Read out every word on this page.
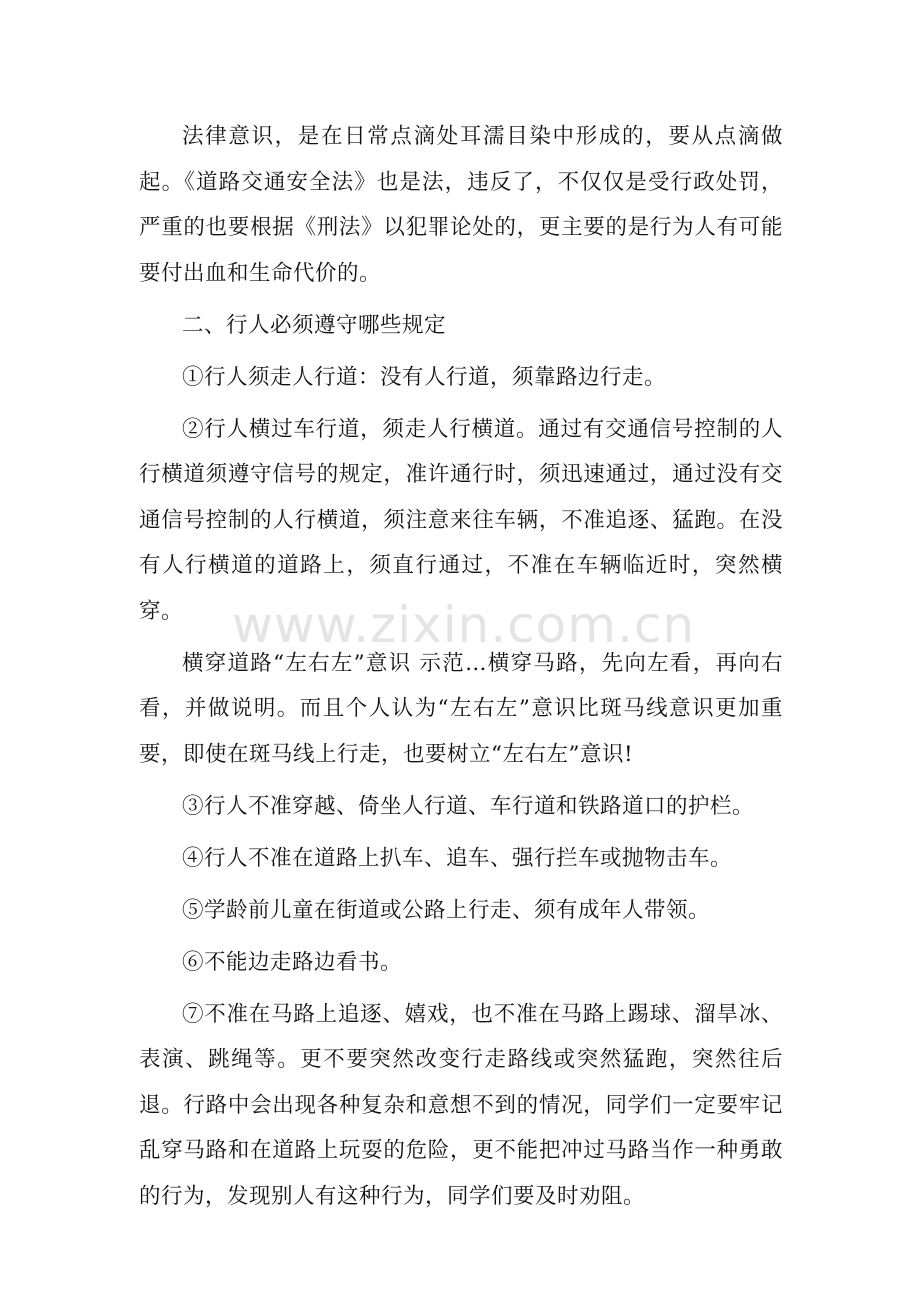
法律意识，是在日常点滴处耳濡目染中形成的，要从点滴做起。《道路交通安全法》也是法，违反了，不仅仅是受行政处罚，严重的也要根据《刑法》以犯罪论处的，更主要的是行为人有可能要付出血和生命代价的。

二、行人必须遵守哪些规定

①行人须走人行道：没有人行道，须靠路边行走。

②行人横过车行道，须走人行横道。通过有交通信号控制的人行横道须遵守信号的规定，准许通行时，须迅速通过，通过没有交通信号控制的人行横道，须注意来往车辆，不准追逐、猛跑。在没有人行横道的道路上，须直行通过，不准在车辆临近时，突然横穿。

横穿道路“左右左”意识 示范…横穿马路，先向左看，再向右看，并做说明。而且个人认为“左右左”意识比斑马线意识更加重要，即使在斑马线上行走，也要树立“左右左”意识!

③行人不准穿越、倚坐人行道、车行道和铁路道口的护栏。

④行人不准在道路上扒车、追车、强行拦车或抛物击车。

⑤学龄前儿童在街道或公路上行走、须有成年人带领。

⑥不能边走路边看书。

⑦不准在马路上追逐、嬉戏，也不准在马路上踢球、溜旱冰、表演、跳绳等。更不要突然改变行走路线或突然猛跑，突然往后退。行路中会出现各种复杂和意想不到的情况，同学们一定要牢记乱穿马路和在道路上玩耍的危险，更不能把冲过马路当作一种勇敢的行为，发现别人有这种行为，同学们要及时劝阻。

www.zixin.com.cn
